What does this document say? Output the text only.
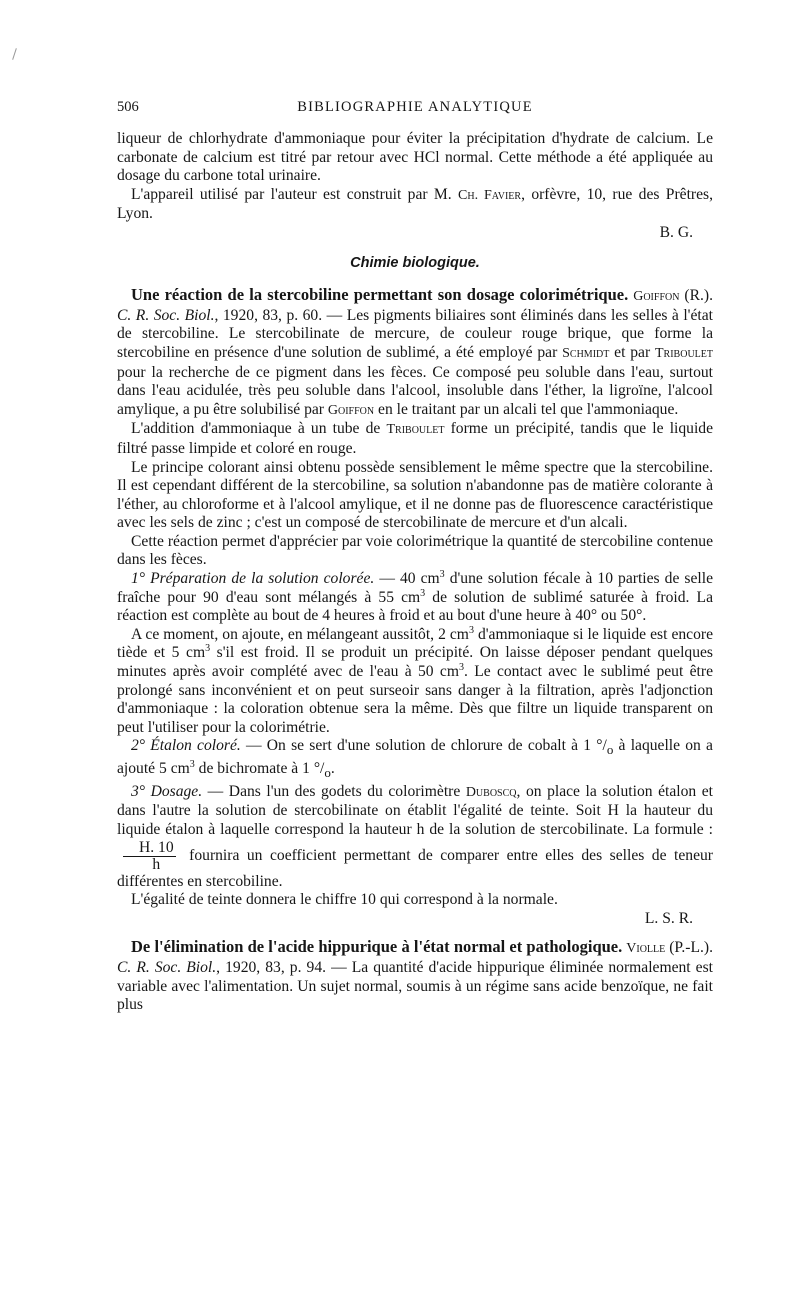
506	BIBLIOGRAPHIE ANALYTIQUE

liqueur de chlorhydrate d'ammoniaque pour éviter la précipitation d'hydrate de calcium. Le carbonate de calcium est titré par retour avec HCl normal. Cette méthode a été appliquée au dosage du carbone total urinaire.

L'appareil utilisé par l'auteur est construit par M. Ch. Favier, orfèvre, 10, rue des Prêtres, Lyon.

B. G.
Chimie biologique.

Une réaction de la stercobiline permettant son dosage colorimétrique. Goiffon (R.). C. R. Soc. Biol., 1920, 83, p. 60. — Les pigments biliaires sont éliminés dans les selles à l'état de stercobiline. Le stercobilinate de mercure, de couleur rouge brique, que forme la stercobiline en présence d'une solution de sublimé, a été employé par Schmidt et par Triboulet pour la recherche de ce pigment dans les fèces. Ce composé peu soluble dans l'eau, surtout dans l'eau acidulée, très peu soluble dans l'alcool, insoluble dans l'éther, la ligroïne, l'alcool amylique, a pu être solubilisé par Goiffon en le traitant par un alcali tel que l'ammoniaque.

L'addition d'ammoniaque à un tube de Triboulet forme un précipité, tandis que le liquide filtré passe limpide et coloré en rouge.

Le principe colorant ainsi obtenu possède sensiblement le même spectre que la stercobiline. Il est cependant différent de la stercobiline, sa solution n'abandonne pas de matière colorante à l'éther, au chloroforme et à l'alcool amylique, et il ne donne pas de fluorescence caractéristique avec les sels de zinc ; c'est un composé de stercobilinate de mercure et d'un alcali.

Cette réaction permet d'apprécier par voie colorimétrique la quantité de stercobiline contenue dans les fèces.

1° Préparation de la solution colorée. — 40 $cm^3$ d'une solution fécale à 10 parties de selle fraîche pour 90 d'eau sont mélangés à 55 $cm^3$ de solution de sublimé saturée à froid. La réaction est complète au bout de 4 heures à froid et au bout d'une heure à 40° ou 50°.

A ce moment, on ajoute, en mélangeant aussitôt, 2 $cm^3$ d'ammoniaque si le liquide est encore tiède et 5 $cm^3$ s'il est froid. Il se produit un précipité. On laisse déposer pendant quelques minutes après avoir complété avec de l'eau à 50 $cm^3$. Le contact avec le sublimé peut être prolongé sans inconvénient et on peut surseoir sans danger à la filtration, après l'adjonction d'ammoniaque : la coloration obtenue sera la même. Dès que filtre un liquide transparent on peut l'utiliser pour la colorimétrie.

2° Étalon coloré. — On se sert d'une solution de chlorure de cobalt à 1 $^\circ/_o$ à laquelle on a ajouté 5 $cm^3$ de bichromate à 1 $^\circ/_o$.

3° Dosage. — Dans l'un des godets du colorimètre Duboscq, on place la solution étalon et dans l'autre la solution de stercobilinate on établit l'égalité de teinte. Soit H la hauteur du liquide étalon à laquelle correspond la hauteur h de la solution de stercobilinate. La formule :
$\frac{H. 10}{h}$ fournira un coefficient permettant de comparer entre elles des selles de teneur différentes en stercobiline.

L'égalité de teinte donnera le chiffre 10 qui correspond à la normale.

L. S. R.

De l'élimination de l'acide hippurique à l'état normal et pathologique. Violle (P.-L.). C. R. Soc. Biol., 1920, 83, p. 94. — La quantité d'acide hippurique éliminée normalement est variable avec l'alimentation. Un sujet normal, soumis à un régime sans acide benzoïque, ne fait plus
